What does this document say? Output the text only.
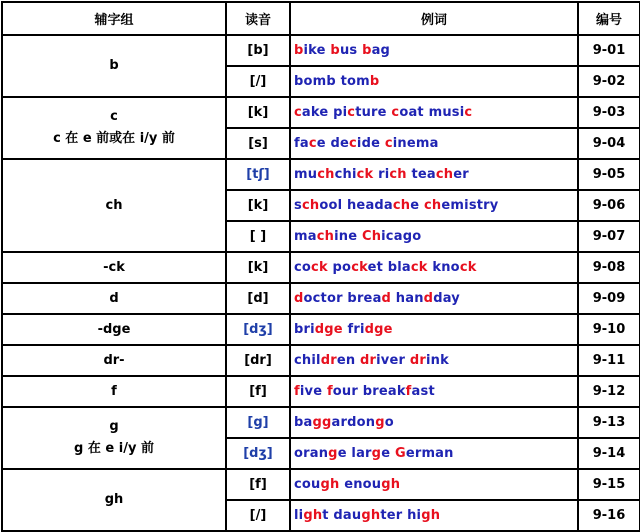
辅字组	读音	例词	编号

b	[b]	bike bus bag	9-01
	[/]	bomb tomb	9-02

c
c 在 e 前或在 i/y 前	[k]	cake picture coat music	9-03
	[s]	face decide cinema	9-04

ch	[tʃ]	muchchick rich teacher	9-05
	[k]	school headache chemistry	9-06
	[ ]	machine Chicago	9-07

-ck	[k]	cock pocket black knock	9-08

d	[d]	doctor bread handday	9-09

-dge	[dʒ]	bridge fridge	9-10

dr-	[dr]	children driver drink	9-11

f	[f]	five four breakfast	9-12

g
g 在 e i/y 前	[g]	baggardongo	9-13
	[dʒ]	orange large German	9-14

gh	[f]	cough enough	9-15
	[/]	light daughter high	9-16
